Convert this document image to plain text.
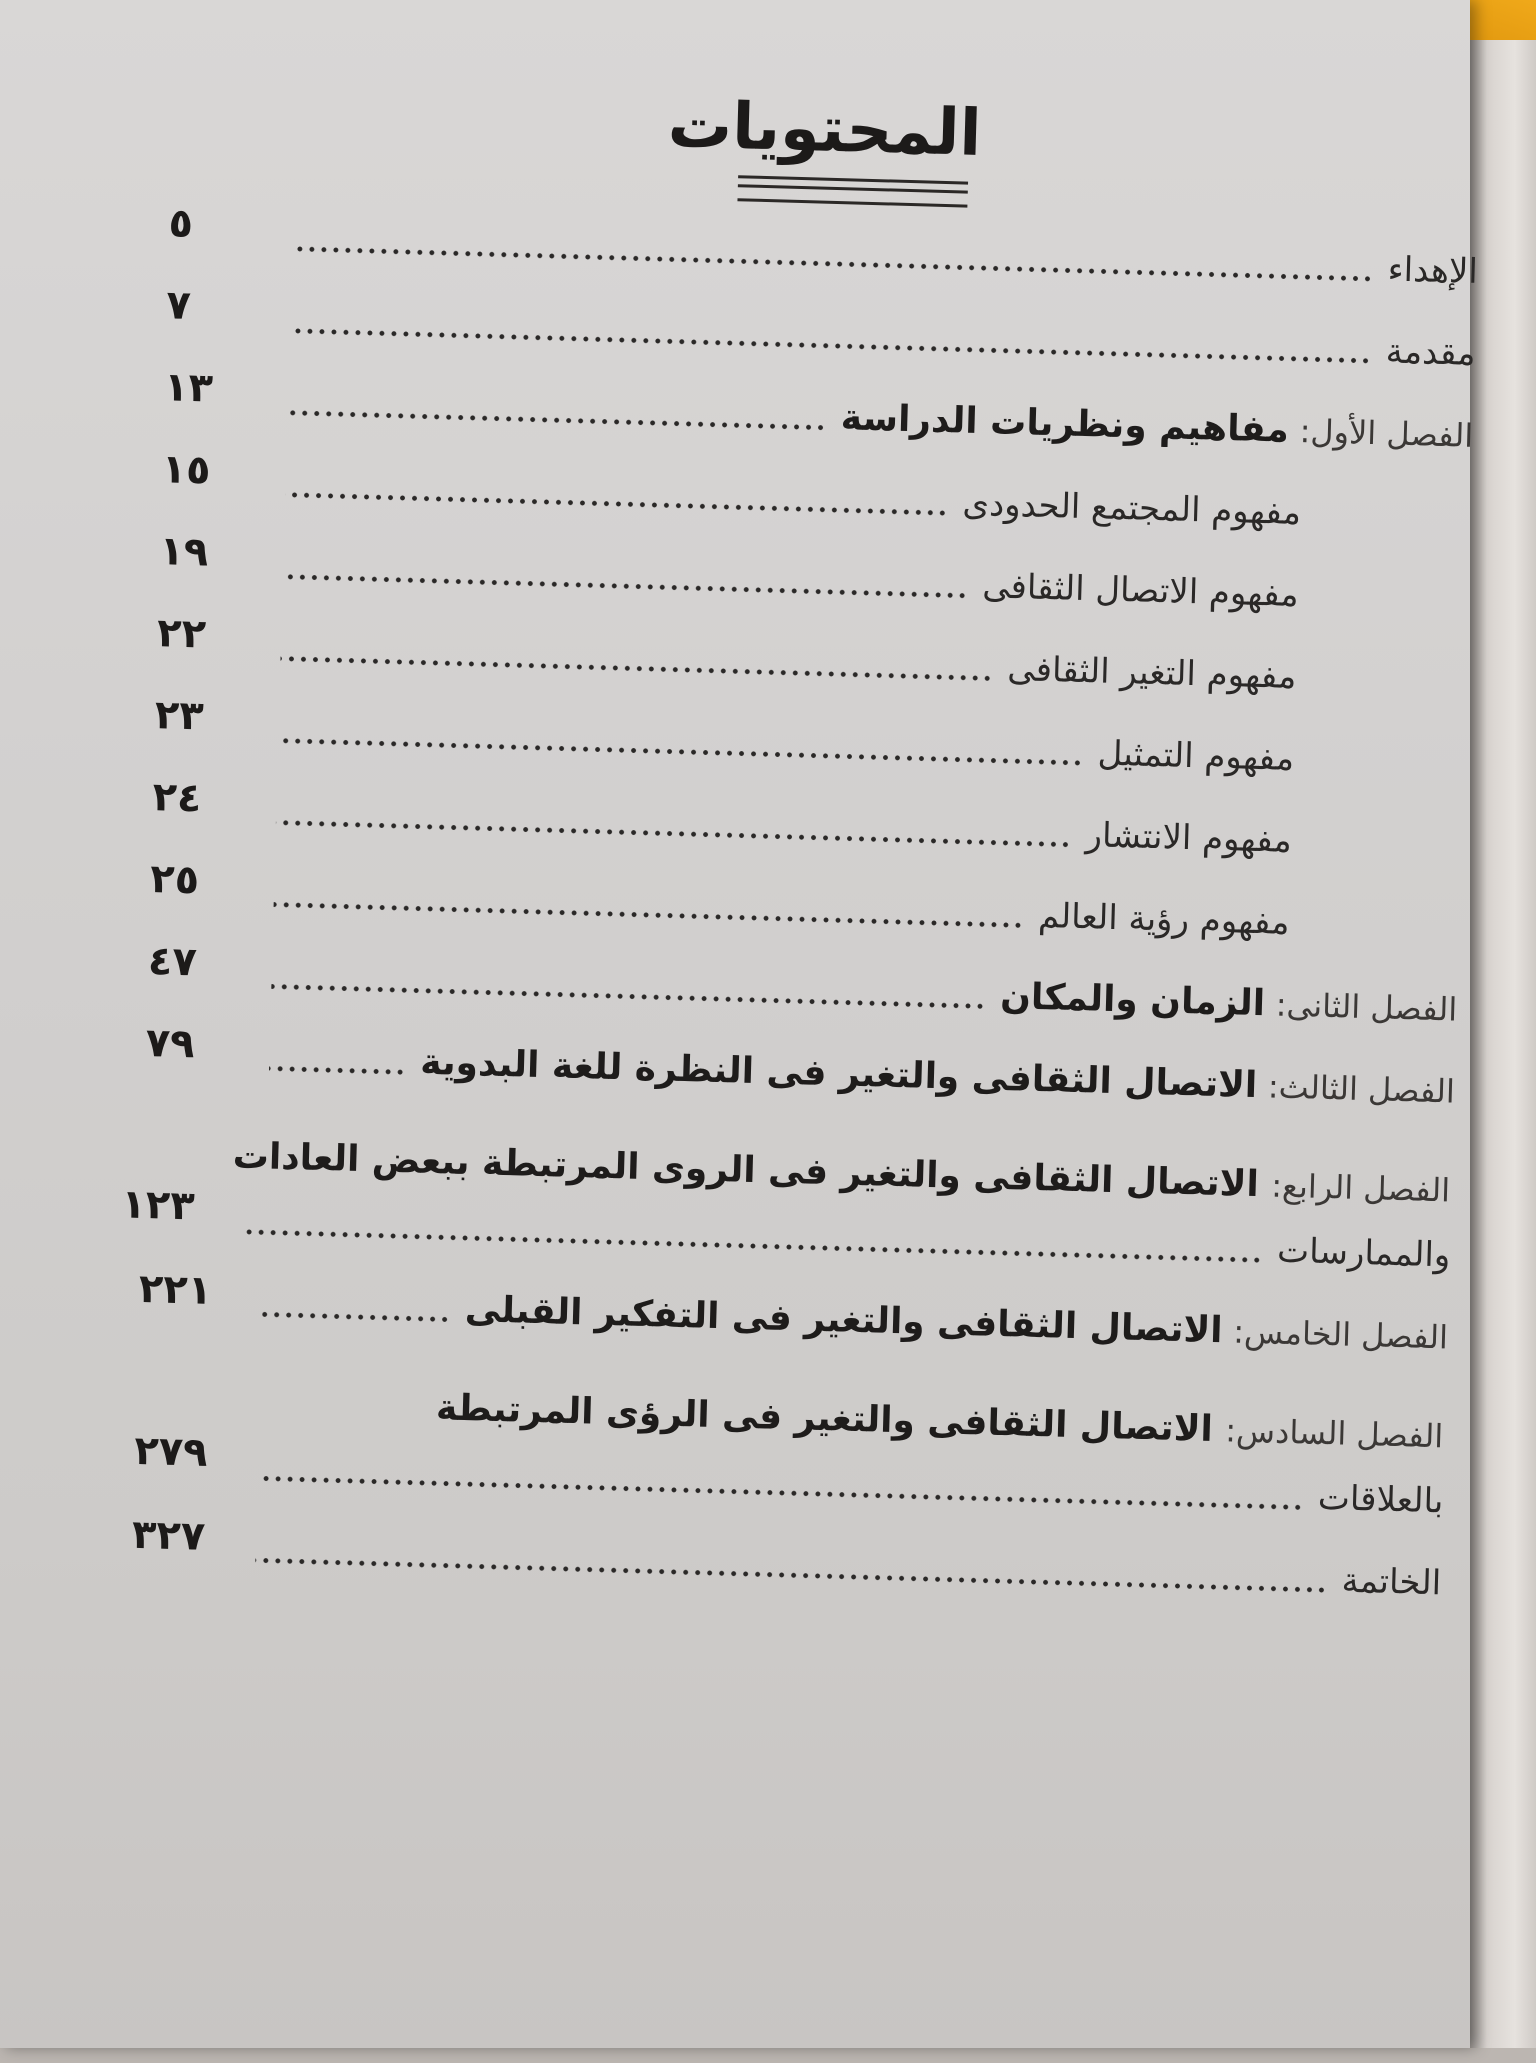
المحتويات
الإهداء
٥
مقدمة
٧
الفصل الأول: مفاهيم ونظريات الدراسة
١٣
مفهوم المجتمع الحدودى
١٥
مفهوم الاتصال الثقافى
١٩
مفهوم التغير الثقافى
٢٢
مفهوم التمثيل
٢٣
مفهوم الانتشار
٢٤
مفهوم رؤية العالم
٢٥
الفصل الثانى: الزمان والمكان
٤٧
الفصل الثالث: الاتصال الثقافى والتغير فى النظرة للغة البدوية
٧٩
الفصل الرابع: الاتصال الثقافى والتغير فى الروى المرتبطة ببعض العادات
والممارسات
١٢٣
الفصل الخامس: الاتصال الثقافى والتغير فى التفكير القبلى
٢٢١
الفصل السادس: الاتصال الثقافى والتغير فى الرؤى المرتبطة
بالعلاقات
٢٧٩
الخاتمة
٣٢٧
